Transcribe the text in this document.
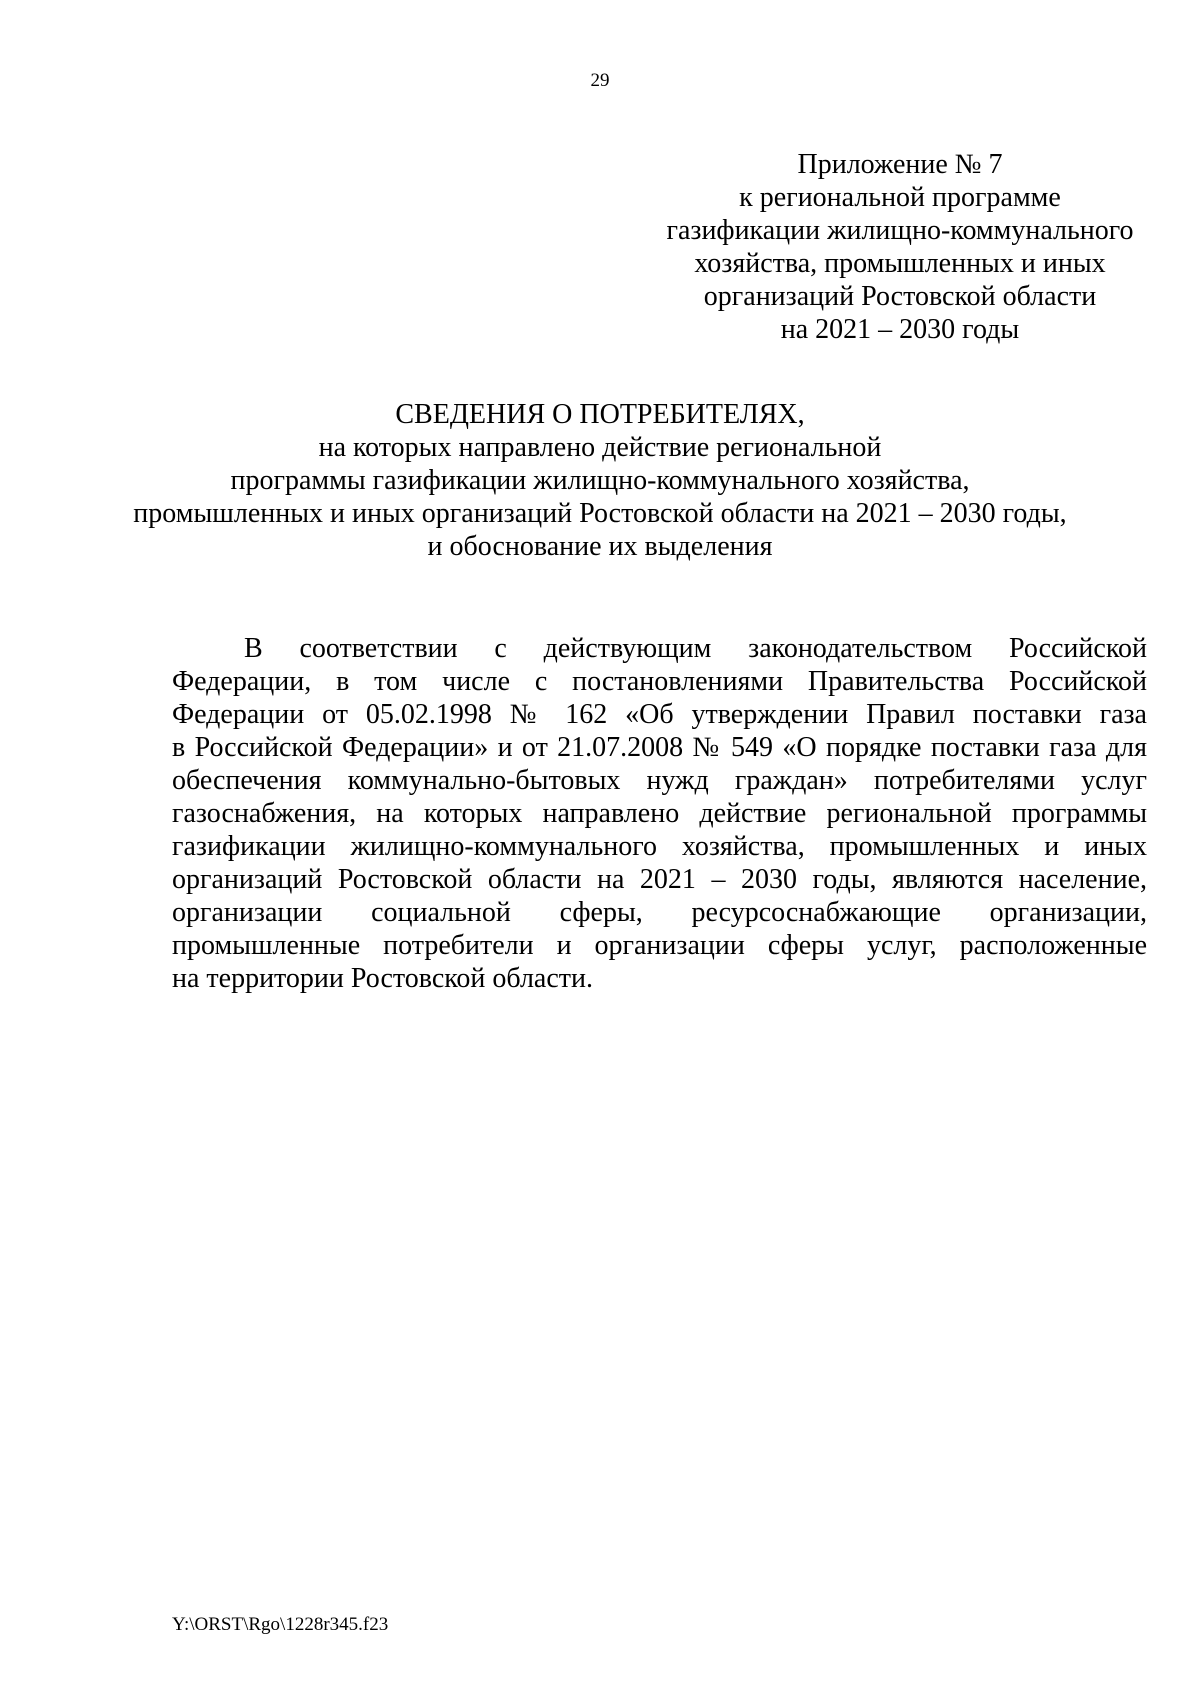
29
Приложение № 7
к региональной программе
газификации жилищно-коммунального
хозяйства, промышленных и иных
организаций Ростовской области
на 2021 – 2030 годы
СВЕДЕНИЯ О ПОТРЕБИТЕЛЯХ,
на которых направлено действие региональной
программы газификации жилищно-коммунального хозяйства,
промышленных и иных организаций Ростовской области на 2021 – 2030 годы,
и обоснование их выделения
В соответствии с действующим законодательством Российской
Федерации, в том числе с постановлениями Правительства Российской
Федерации от 05.02.1998 № 162 «Об утверждении Правил поставки газа
в Российской Федерации» и от 21.07.2008 № 549 «О порядке поставки газа для
обеспечения коммунально-бытовых нужд граждан» потребителями услуг
газоснабжения, на которых направлено действие региональной программы
газификации жилищно-коммунального хозяйства, промышленных и иных
организаций Ростовской области на 2021 – 2030 годы, являются население,
организации социальной сферы, ресурсоснабжающие организации,
промышленные потребители и организации сферы услуг, расположенные
на территории Ростовской области.
Y:\ORST\Rgo\1228r345.f23
